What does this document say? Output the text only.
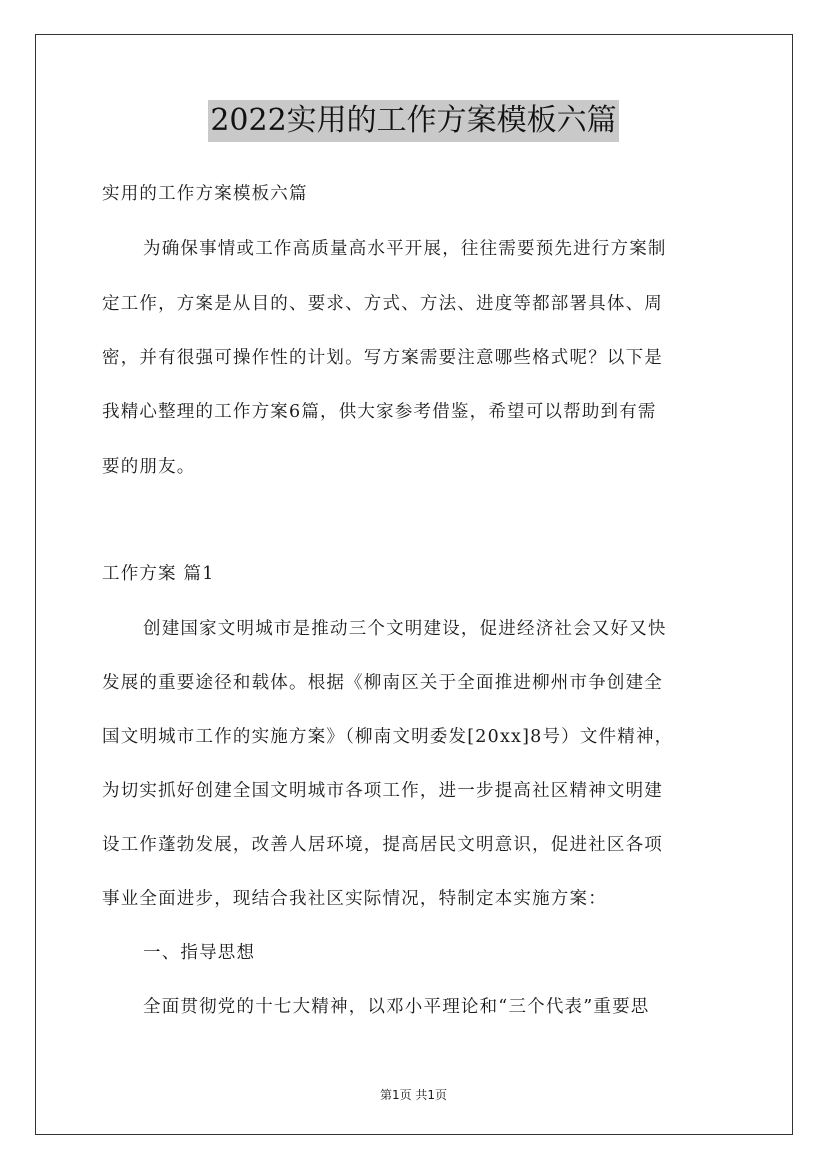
2022实用的工作方案模板六篇
实用的工作方案模板六篇
为确保事情或工作高质量高水平开展，往往需要预先进行方案制
定工作，方案是从目的、要求、方式、方法、进度等都部署具体、周
密，并有很强可操作性的计划。写方案需要注意哪些格式呢？以下是
我精心整理的工作方案6篇，供大家参考借鉴，希望可以帮助到有需
要的朋友。
工作方案 篇1
创建国家文明城市是推动三个文明建设，促进经济社会又好又快
发展的重要途径和载体。根据《柳南区关于全面推进柳州市争创建全
国文明城市工作的实施方案》（柳南文明委发[20xx]8号）文件精神，
为切实抓好创建全国文明城市各项工作，进一步提高社区精神文明建
设工作蓬勃发展，改善人居环境，提高居民文明意识，促进社区各项
事业全面进步，现结合我社区实际情况，特制定本实施方案：
一、指导思想
全面贯彻党的十七大精神，以邓小平理论和“三个代表”重要思
第1页 共1页
